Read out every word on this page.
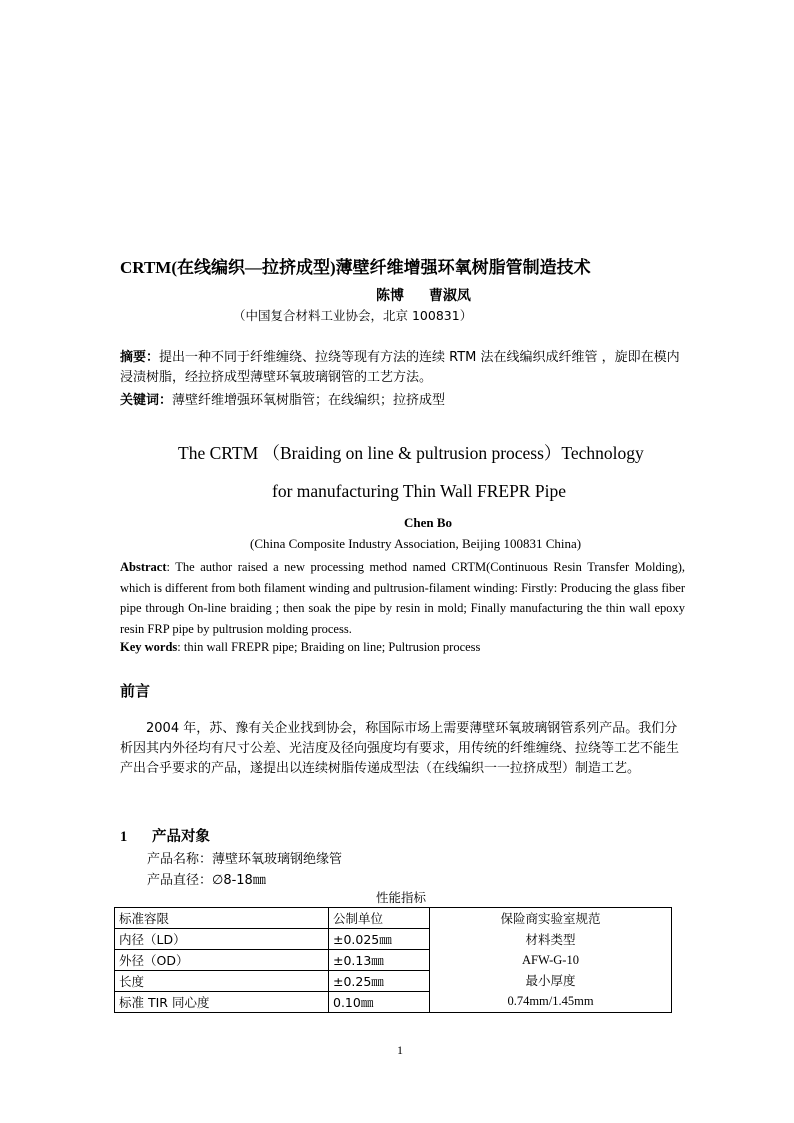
CRTM(在线编织—拉挤成型)薄壁纤维增强环氧树脂管制造技术
陈博 曹淑凤
（中国复合材料工业协会，北京 100831）
摘要：提出一种不同于纤维缠绕、拉绕等现有方法的连续 RTM 法在线编织成纤维管 ，旋即在模内浸渍树脂，经拉挤成型薄壁环氧玻璃钢管的工艺方法。
关键词：薄壁纤维增强环氧树脂管；在线编织；拉挤成型
The CRTM （Braiding on line & pultrusion process）Technology
for manufacturing Thin Wall FREPR Pipe
Chen Bo
(China Composite Industry Association, Beijing 100831 China)
Abstract: The author raised a new processing method named CRTM(Continuous Resin Transfer Molding), which is different from both filament winding and pultrusion-filament winding: Firstly: Producing the glass fiber pipe through On-line braiding ; then soak the pipe by resin in mold; Finally manufacturing the thin wall epoxy resin FRP pipe by pultrusion molding process.
Key words: thin wall FREPR pipe; Braiding on line; Pultrusion process
前言
2004 年，苏、豫有关企业找到协会，称国际市场上需要薄壁环氧玻璃钢管系列产品。我们分析因其内外径均有尺寸公差、光洁度及径向强度均有要求，用传统的纤维缠绕、拉绕等工艺不能生产出合乎要求的产品，遂提出以连续树脂传递成型法（在线编织一一拉挤成型）制造工艺。
1 产品对象
产品名称：薄壁环氧玻璃钢绝缘管
产品直径：∅8-18㎜
性能指标
标准容限	公制单位	保险商实验室规范
材料类型
AFW-G-10
最小厚度
0.74mm/1.45mm

内径（LD）	±0.025㎜	
外径（OD）	±0.13㎜	
长度	±0.25㎜	
标准 TIR 同心度	0.10㎜	
1
